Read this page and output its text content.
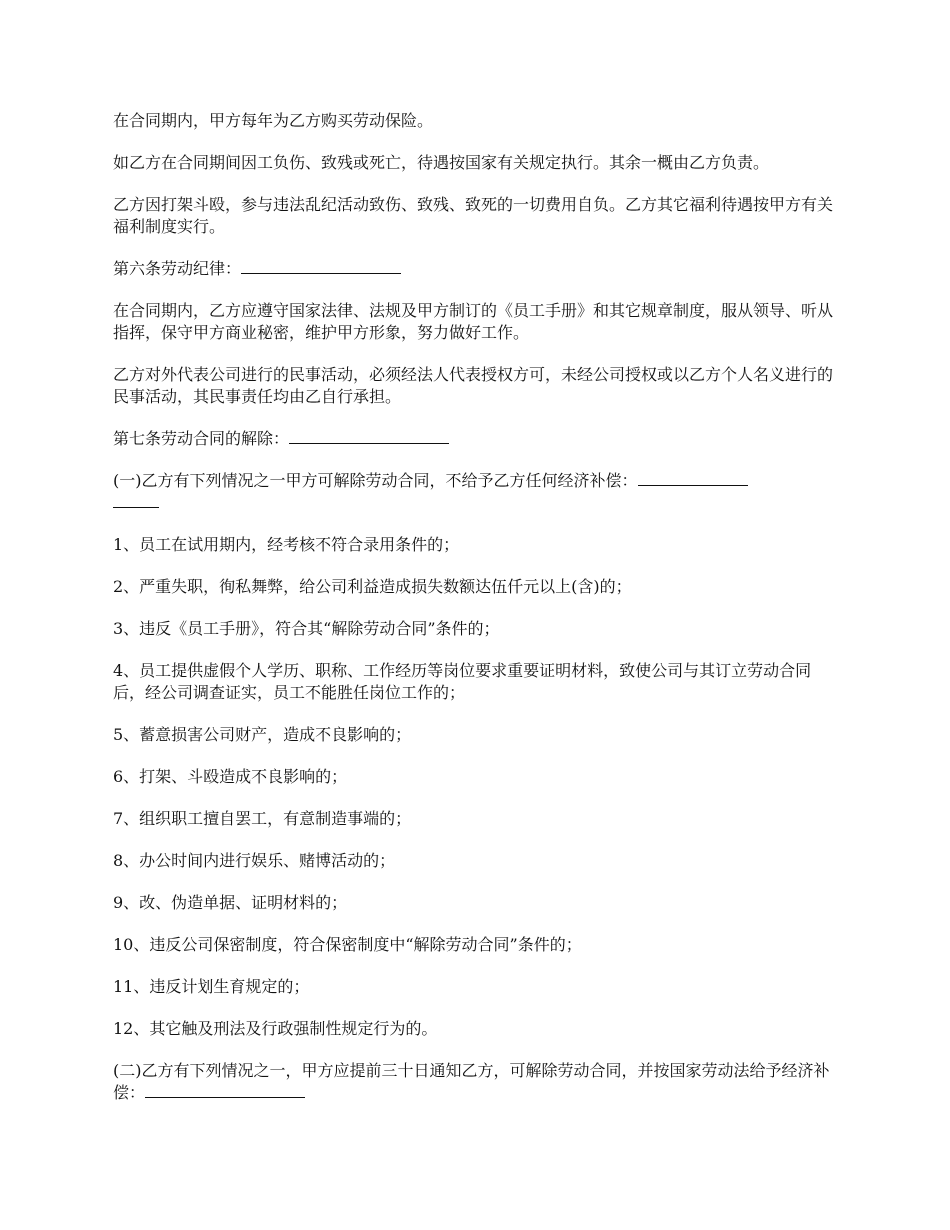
在合同期内，甲方每年为乙方购买劳动保险。

如乙方在合同期间因工负伤、致残或死亡，待遇按国家有关规定执行。其余一概由乙方负责。

乙方因打架斗殴，参与违法乱纪活动致伤、致残、致死的一切费用自负。乙方其它福利待遇按甲方有关福利制度实行。

第六条劳动纪律：

在合同期内，乙方应遵守国家法律、法规及甲方制订的《员工手册》和其它规章制度，服从领导、听从指挥，保守甲方商业秘密，维护甲方形象，努力做好工作。

乙方对外代表公司进行的民事活动，必须经法人代表授权方可，未经公司授权或以乙方个人名义进行的民事活动，其民事责任均由乙自行承担。

第七条劳动合同的解除：

(一)乙方有下列情况之一甲方可解除劳动合同，不给予乙方任何经济补偿：

1、员工在试用期内，经考核不符合录用条件的；

2、严重失职，徇私舞弊，给公司利益造成损失数额达伍仟元以上(含)的；

3、违反《员工手册》，符合其“解除劳动合同”条件的；

4、员工提供虚假个人学历、职称、工作经历等岗位要求重要证明材料，致使公司与其订立劳动合同后，经公司调查证实，员工不能胜任岗位工作的；

5、蓄意损害公司财产，造成不良影响的；

6、打架、斗殴造成不良影响的；

7、组织职工擅自罢工，有意制造事端的；

8、办公时间内进行娱乐、赌博活动的；

9、改、伪造单据、证明材料的；

10、违反公司保密制度，符合保密制度中“解除劳动合同”条件的；

11、违反计划生育规定的；

12、其它触及刑法及行政强制性规定行为的。

(二)乙方有下列情况之一，甲方应提前三十日通知乙方，可解除劳动合同，并按国家劳动法给予经济补偿：
